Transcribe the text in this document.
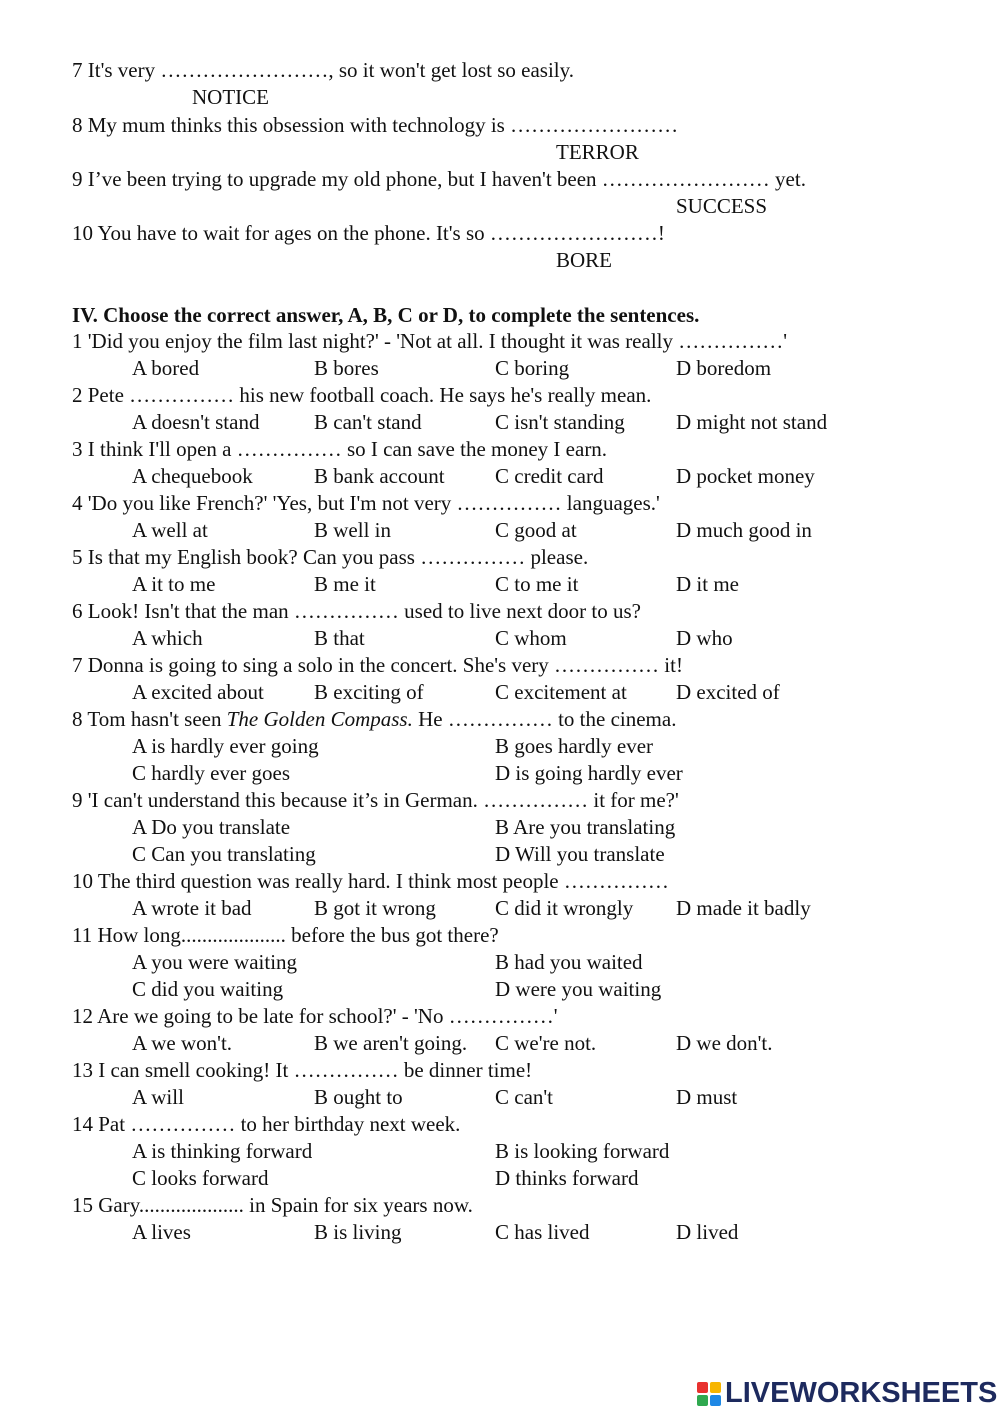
7 It's very ……………………, so it won't get lost so easily.
NOTICE
8 My mum thinks this obsession with technology is ……………………
TERROR
9 I’ve been trying to upgrade my old phone, but I haven't been …………………… yet.
SUCCESS
10 You have to wait for ages on the phone. It's so ……………………!
BORE
IV. Choose the correct answer, A, B, C or D, to complete the sentences.
1 'Did you enjoy the film last night?' - 'Not at all. I thought it was really ……………'
A bored	B bores	C boring	D boredom
2 Pete …………… his new football coach. He says he's really mean.
A doesn't stand	B can't stand	C isn't standing D might not stand
3 I think I'll open a …………… so I can save the money I earn.
A chequebook	B bank account C credit card	D pocket money
4 'Do you like French?' 'Yes, but I'm not very …………… languages.'
A well at	B well in	C good at	D much good in
5 Is that my English book? Can you pass …………… please.
A it to me	B me it	C to me it	D it me
6 Look! Isn't that the man …………… used to live next door to us?
A which	B that	C whom	D who
7 Donna is going to sing a solo in the concert. She's very …………… it!
A excited about B exciting of	C excitement at D excited of
8 Tom hasn't seen The Golden Compass. He …………… to the cinema.
A is hardly ever going	B goes hardly ever
C hardly ever goes	D is going hardly ever
9 'I can't understand this because it’s in German. …………… it for me?'
A Do you translate	B Are you translating
C Can you translating	D Will you translate
10 The third question was really hard. I think most people ……………
A wrote it bad	B got it wrong	C did it wrongly D made it badly
11 How long.................... before the bus got there?
A you were waiting	B had you waited
C did you waiting	D were you waiting
12 Are we going to be late for school?' - 'No ……………'
A we won't.	B we aren't going. C we're not.	D we don't.
13 I can smell cooking! It …………… be dinner time!
A will	B ought to	C can't	D must
14 Pat …………… to her birthday next week.
A is thinking forward	B is looking forward
C looks forward	D thinks forward
15 Gary.................... in Spain for six years now.
A lives	B is living	C has lived	D lived
LIVEWORKSHEETS
